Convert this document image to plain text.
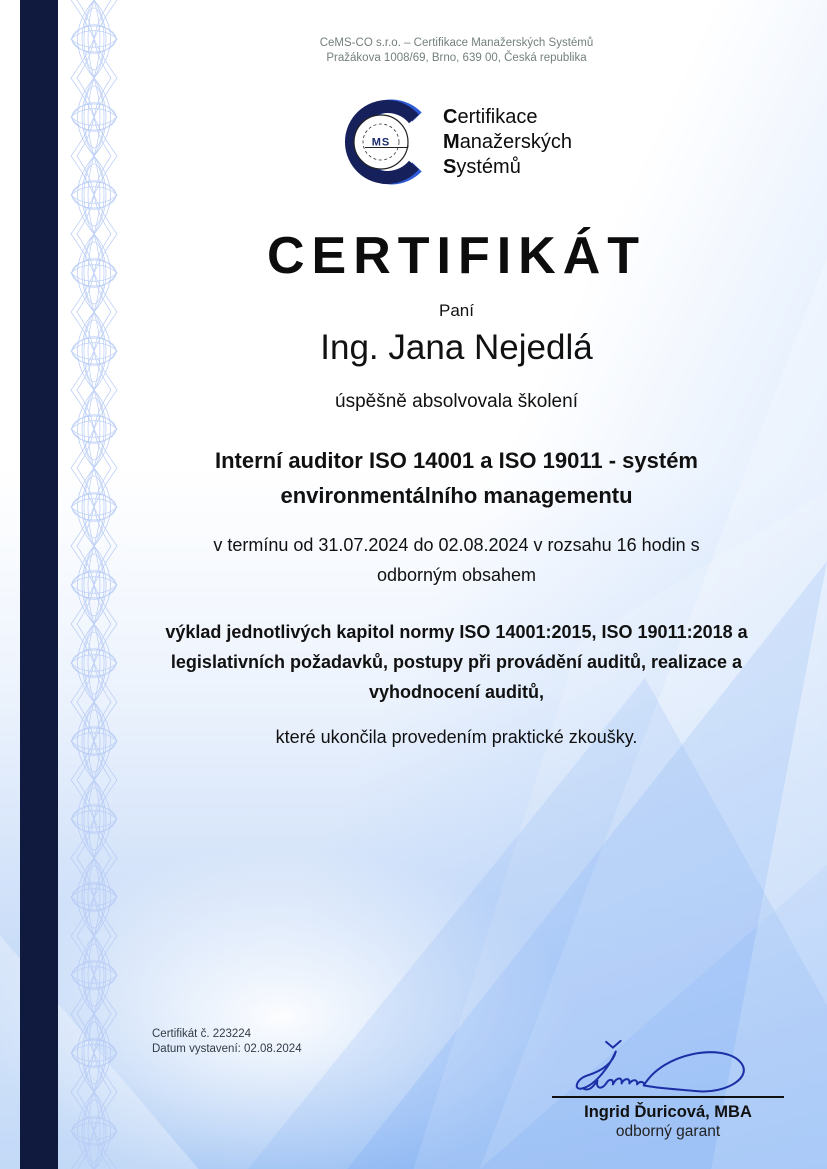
CeMS-CO s.r.o. – Certifikace Manažerských Systémů
Pražákova 1008/69, Brno, 639 00, Česká republika
MS
Certifikace
Manažerských
Systémů
CERTIFIKÁT
Paní
Ing. Jana Nejedlá
úspěšně absolvovala školení
Interní auditor ISO 14001 a ISO 19011 - systém environmentálního managementu
v termínu od 31.07.2024 do 02.08.2024 v rozsahu 16 hodin s odborným obsahem
výklad jednotlivých kapitol normy ISO 14001:2015, ISO 19011:2018 a legislativních požadavků, postupy při provádění auditů, realizace a vyhodnocení auditů,
které ukončila provedením praktické zkoušky.
Certifikát č. 223224
Datum vystavení: 02.08.2024
Ingrid Ďuricová, MBA
odborný garant
